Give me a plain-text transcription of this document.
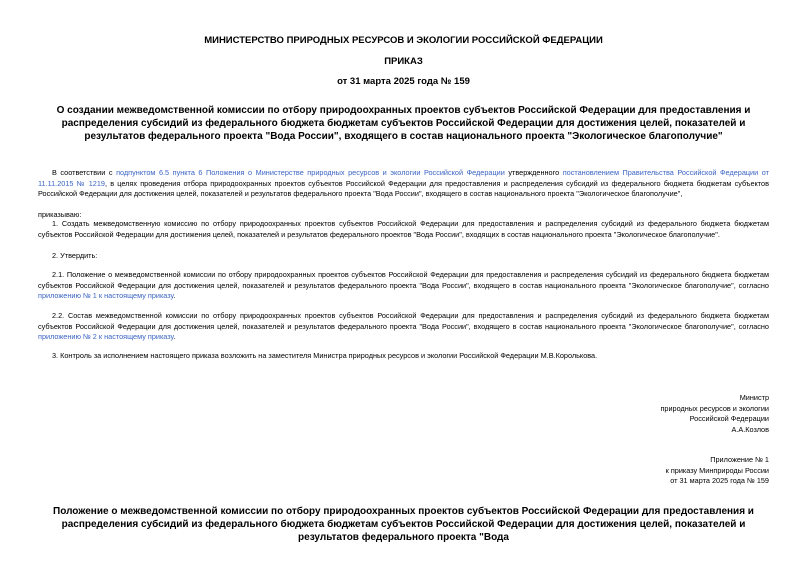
МИНИСТЕРСТВО ПРИРОДНЫХ РЕСУРСОВ И ЭКОЛОГИИ РОССИЙСКОЙ ФЕДЕРАЦИИ
ПРИКАЗ
от 31 марта 2025 года № 159
О создании межведомственной комиссии по отбору природоохранных проектов субъектов Российской Федерации для предоставления и распределения субсидий из федерального бюджета бюджетам субъектов Российской Федерации для достижения целей, показателей и результатов федерального проекта "Вода России", входящего в состав национального проекта "Экологическое благополучие"
В соответствии с подпунктом 6.5 пункта 6 Положения о Министерстве природных ресурсов и экологии Российской Федерации утвержденного постановлением Правительства Российской Федерации от 11.11.2015 № 1219, в целях проведения отбора природоохранных проектов субъектов Российской Федерации для предоставления и распределения субсидий из федерального бюджета бюджетам субъектов Российской Федерации для достижения целей, показателей и результатов федерального проекта "Вода России", входящего в состав национального проекта "Экологическое благополучие",
приказываю:
1. Создать межведомственную комиссию по отбору природоохранных проектов субъектов Российской Федерации для предоставления и распределения субсидий из федерального бюджета бюджетам субъектов Российской Федерации для достижения целей, показателей и результатов федерального проектов "Вода России", входящих в состав национального проекта "Экологическое благополучие".
2. Утвердить:
2.1. Положение о межведомственной комиссии по отбору природоохранных проектов субъектов Российской Федерации для предоставления и распределения субсидий из федерального бюджета бюджетам субъектов Российской Федерации для достижения целей, показателей и результатов федерального проекта "Вода России", входящего в состав национального проекта "Экологическое благополучие", согласно приложению № 1 к настоящему приказу.
2.2. Состав межведомственной комиссии по отбору природоохранных проектов субъектов Российской Федерации для предоставления и распределения субсидий из федерального бюджета бюджетам субъектов Российской Федерации для достижения целей, показателей и результатов федерального проекта "Вода России", входящего в состав национального проекта "Экологическое благополучие", согласно приложению № 2 к настоящему приказу.
3. Контроль за исполнением настоящего приказа возложить на заместителя Министра природных ресурсов и экологии Российской Федерации М.В.Королькова.
Министр
природных ресурсов и экологии
Российской Федерации
А.А.Козлов
Приложение № 1
к приказу Минприроды России
от 31 марта 2025 года № 159
Положение о межведомственной комиссии по отбору природоохранных проектов субъектов Российской Федерации для предоставления и распределения субсидий из федерального бюджета бюджетам субъектов Российской Федерации для достижения целей, показателей и результатов федерального проекта "Вода
